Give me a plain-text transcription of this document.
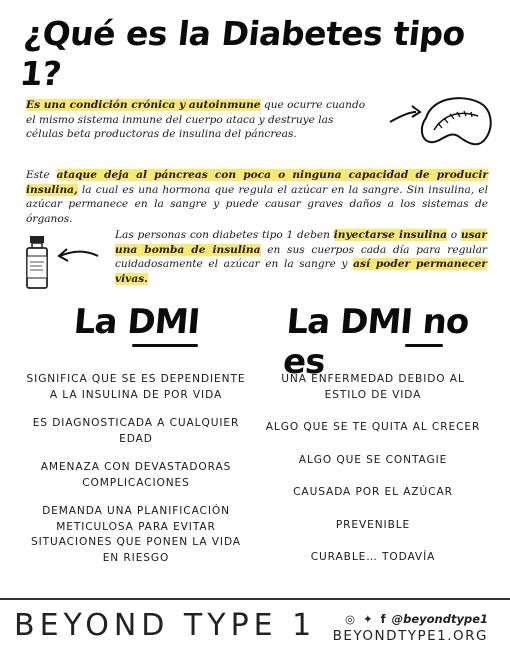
¿Qué es la Diabetes tipo 1?

Es una condición crónica y autoinmune que ocurre cuando el mismo sistema inmune del cuerpo ataca y destruye las células beta productoras de insulina del páncreas.

Este ataque deja al páncreas con poca o ninguna capacidad de producir insulina, la cual es una hormona que regula el azúcar en la sangre. Sin insulina, el azúcar permanece en la sangre y puede causar graves daños a los sistemas de órganos.

Las personas con diabetes tipo 1 deben inyectarse insulina o usar una bomba de insulina en sus cuerpos cada día para regular cuidadosamente el azúcar en la sangre y así poder permanecer vivas.

La DMI La DMI no es
SIGNIFICA QUE SE ES DEPENDIENTE A LA INSULINA DE POR VIDA
ES DIAGNOSTICADA A CUALQUIER EDAD
AMENAZA CON DEVASTADORAS COMPLICACIONES
DEMANDA UNA PLANIFICACIÓN METICULOSA PARA EVITAR SITUACIONES QUE PONEN LA VIDA EN RIESGO
UNA ENFERMEDAD DEBIDO AL ESTILO DE VIDA
ALGO QUE SE TE QUITA AL CRECER
ALGO QUE SE CONTAGIE
CAUSADA POR EL AZÚCAR
PREVENIBLE
CURABLE… TODAVÍA
BEYOND TYPE 1 ◎ ✦ f @beyondtype1
BEYONDTYPE1.ORG
